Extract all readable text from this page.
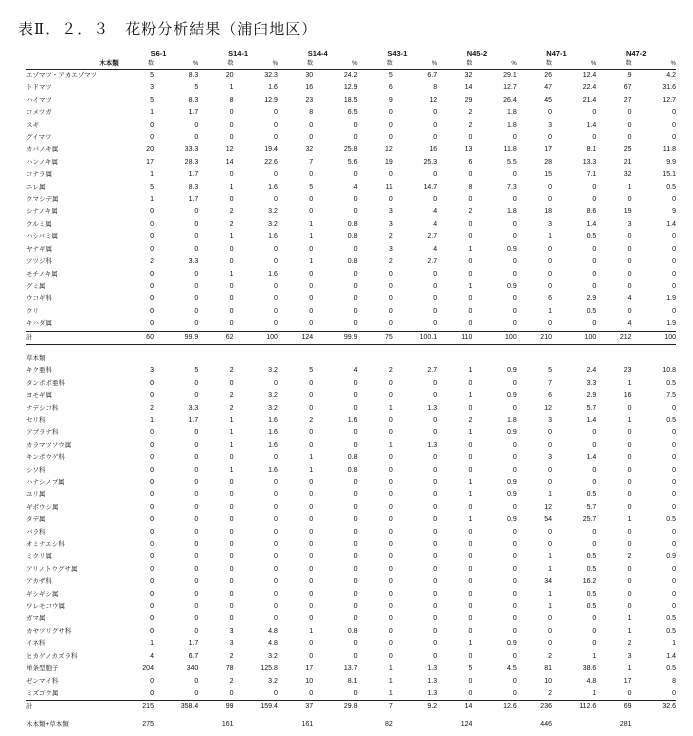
表Ⅱ．２．３　花粉分析結果（浦臼地区）
	S6-1		S14-1		S14-4		S43-1		N45-2		N47-1		N47-2	
木本類	数	%	数	%	数	%	数	%	数	%	数	%	数	%
エゾマツ・アカエゾマツ	5	8.3	20	32.3	30	24.2	5	6.7	32	29.1	26	12.4	9	4.2
トドマツ	3	5	1	1.6	16	12.9	6	8	14	12.7	47	22.4	67	31.6
ハイマツ	5	8.3	8	12.9	23	18.5	9	12	29	26.4	45	21.4	27	12.7
コメツガ	1	1.7	0	0	8	6.5	0	0	2	1.8	0	0	0	0
スギ	0	0	0	0	0	0	0	0	2	1.8	3	1.4	0	0
グイマツ	0	0	0	0	0	0	0	0	0	0	0	0	0	0
カバノキ属	20	33.3	12	19.4	32	25.8	12	16	13	11.8	17	8.1	25	11.8
ハンノキ属	17	28.3	14	22.6	7	5.6	19	25.3	6	5.5	28	13.3	21	9.9
コナラ属	1	1.7	0	0	0	0	0	0	0	0	15	7.1	32	15.1
ニレ属	5	8.3	1	1.6	5	4	11	14.7	8	7.3	0	0	1	0.5
クマシデ属	1	1.7	0	0	0	0	0	0	0	0	0	0	0	0
シナノキ属	0	0	2	3.2	0	0	3	4	2	1.8	18	8.6	19	9
クルミ属	0	0	2	3.2	1	0.8	3	4	0	0	3	1.4	3	1.4
ハシバミ属	0	0	1	1.6	1	0.8	2	2.7	0	0	1	0.5	0	0
ヤナギ属	0	0	0	0	0	0	3	4	1	0.9	0	0	0	0
ツツジ科	2	3.3	0	0	1	0.8	2	2.7	0	0	0	0	0	0
モチノキ属	0	0	1	1.6	0	0	0	0	0	0	0	0	0	0
グミ属	0	0	0	0	0	0	0	0	1	0.9	0	0	0	0
ウコギ科	0	0	0	0	0	0	0	0	0	0	6	2.9	4	1.9
クリ	0	0	0	0	0	0	0	0	0	0	1	0.5	0	0
キハダ属	0	0	0	0	0	0	0	0	0	0	0	0	4	1.9
計	60	99.9	62	100	124	99.9	75	100.1	110	100	210	100	212	100

草本類														
キク亜科	3	5	2	3.2	5	4	2	2.7	1	0.9	5	2.4	23	10.8
タンポポ亜科	0	0	0	0	0	0	0	0	0	0	7	3.3	1	0.5
ヨモギ属	0	0	2	3.2	0	0	0	0	1	0.9	6	2.9	16	7.5
ナデシコ科	2	3.3	2	3.2	0	0	1	1.3	0	0	12	5.7	0	0
セリ科	1	1.7	1	1.6	2	1.6	0	0	2	1.8	3	1.4	1	0.5
アブラナ科	0	0	1	1.6	0	0	0	0	1	0.9	0	0	0	0
カラマツソウ属	0	0	1	1.6	0	0	1	1.3	0	0	0	0	0	0
キンポウゲ科	0	0	0	0	1	0.8	0	0	0	0	3	1.4	0	0
シソ科	0	0	1	1.6	1	0.8	0	0	0	0	0	0	0	0
ハナシノブ属	0	0	0	0	0	0	0	0	1	0.9	0	0	0	0
ユリ属	0	0	0	0	0	0	0	0	1	0.9	1	0.5	0	0
ギボウシ属	0	0	0	0	0	0	0	0	0	0	12	5.7	0	0
タデ属	0	0	0	0	0	0	0	0	1	0.9	54	25.7	1	0.5
バラ科	0	0	0	0	0	0	0	0	0	0	0	0	0	0
オミナエシ科	0	0	0	0	0	0	0	0	0	0	0	0	0	0
ミクリ属	0	0	0	0	0	0	0	0	0	0	1	0.5	2	0.9
アリノトウグサ属	0	0	0	0	0	0	0	0	0	0	1	0.5	0	0
アカザ科	0	0	0	0	0	0	0	0	0	0	34	16.2	0	0
ギシギシ属	0	0	0	0	0	0	0	0	0	0	1	0.5	0	0
ワレモコウ属	0	0	0	0	0	0	0	0	0	0	1	0.5	0	0
ガマ属	0	0	0	0	0	0	0	0	0	0	0	0	1	0.5
カヤツリグサ科	0	0	3	4.8	1	0.8	0	0	0	0	0	0	1	0.5
イネ科	1	1.7	3	4.8	0	0	0	0	1	0.9	0	0	2	1
ヒカゲノカズラ科	4	6.7	2	3.2	0	0	0	0	0	0	2	1	3	1.4
単条型胞子	204	340	78	125.8	17	13.7	1	1.3	5	4.5	81	38.6	1	0.5
ゼンマイ科	0	0	2	3.2	10	8.1	1	1.3	0	0	10	4.8	17	8
ミズゴケ属	0	0	0	0	0	0	1	1.3	0	0	2	1	0	0
計	215	358.4	99	159.4	37	29.8	7	9.2	14	12.6	236	112.6	69	32.6
木本類+草本類	275		161		161		82		124		446		281	
